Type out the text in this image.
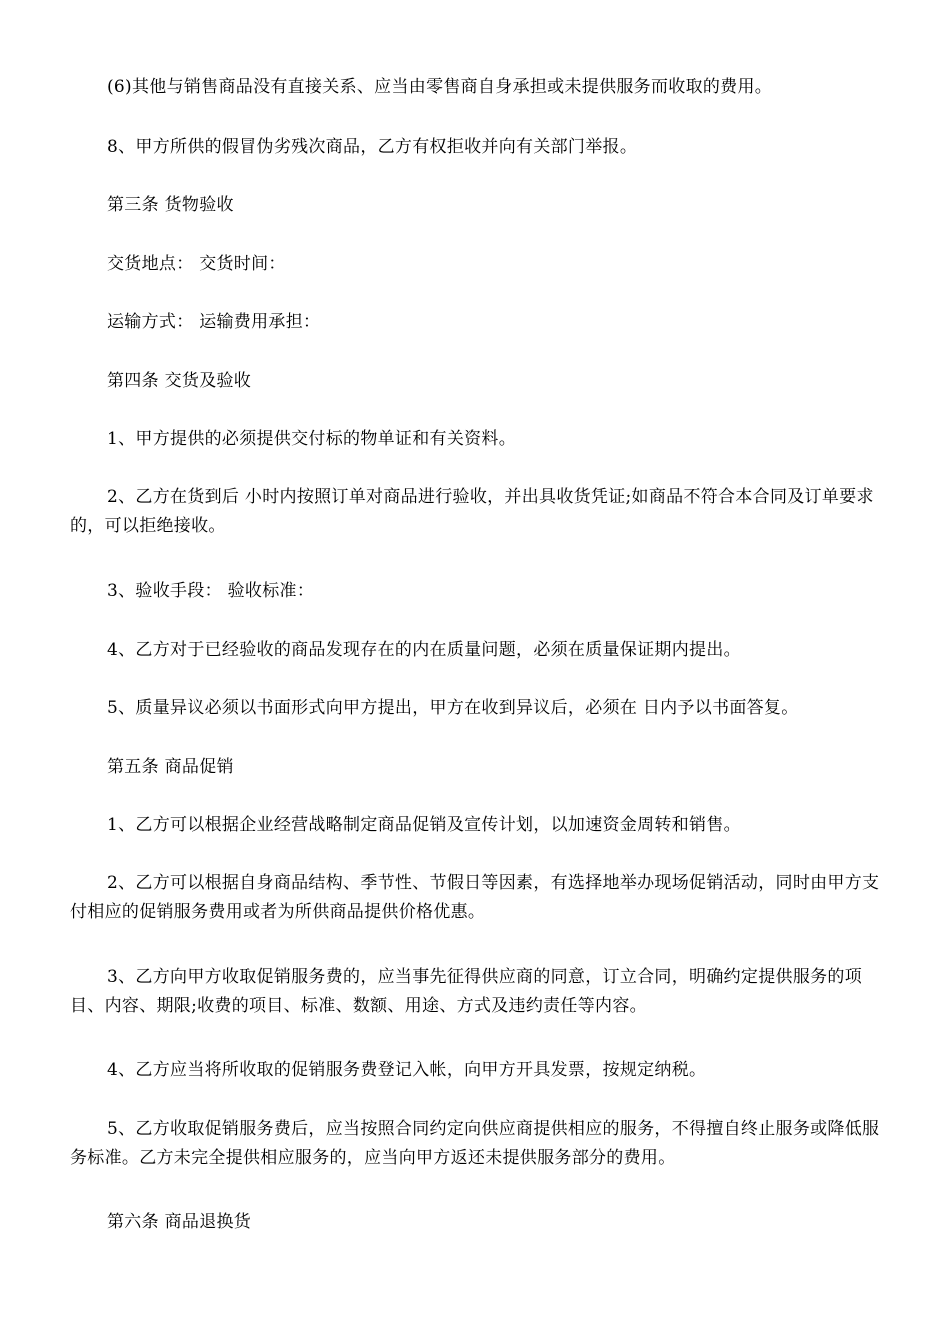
(6)其他与销售商品没有直接关系、应当由零售商自身承担或未提供服务而收取的费用。

8、甲方所供的假冒伪劣残次商品，乙方有权拒收并向有关部门举报。

第三条 货物验收

交货地点： 交货时间：

运输方式： 运输费用承担：

第四条 交货及验收

1、甲方提供的必须提供交付标的物单证和有关资料。

2、乙方在货到后 小时内按照订单对商品进行验收，并出具收货凭证;如商品不符合本合同及订单要求的，可以拒绝接收。

3、验收手段： 验收标准：

4、乙方对于已经验收的商品发现存在的内在质量问题，必须在质量保证期内提出。

5、质量异议必须以书面形式向甲方提出，甲方在收到异议后，必须在 日内予以书面答复。

第五条 商品促销

1、乙方可以根据企业经营战略制定商品促销及宣传计划，以加速资金周转和销售。

2、乙方可以根据自身商品结构、季节性、节假日等因素，有选择地举办现场促销活动，同时由甲方支付相应的促销服务费用或者为所供商品提供价格优惠。

3、乙方向甲方收取促销服务费的，应当事先征得供应商的同意，订立合同，明确约定提供服务的项目、内容、期限;收费的项目、标准、数额、用途、方式及违约责任等内容。

4、乙方应当将所收取的促销服务费登记入帐，向甲方开具发票，按规定纳税。

5、乙方收取促销服务费后，应当按照合同约定向供应商提供相应的服务，不得擅自终止服务或降低服务标准。乙方未完全提供相应服务的，应当向甲方返还未提供服务部分的费用。

第六条 商品退换货
